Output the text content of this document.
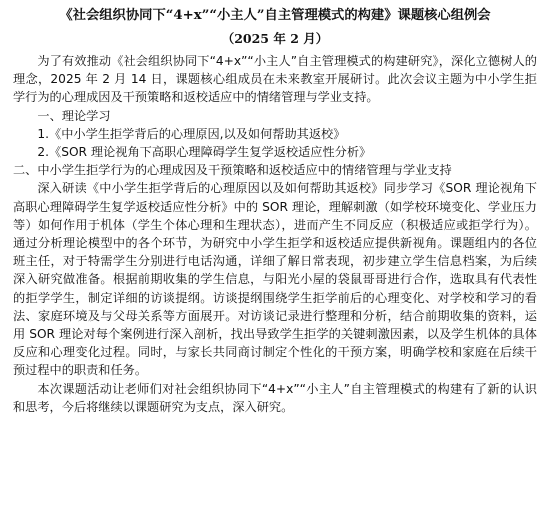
《社会组织协同下“4+x”“小主人”自主管理模式的构建》课题核心组例会
（2025 年 2 月）

为了有效推动《社会组织协同下“4+x”“小主人”自主管理模式的构建研究》，深化立德树人的理念，2025 年 2 月 14 日，课题核心组成员在未来教室开展研讨。此次会议主题为中小学生拒学行为的心理成因及干预策略和返校适应中的情绪管理与学业支持。

一、理论学习

1.《中小学生拒学背后的心理原因,以及如何帮助其返校》

2.《SOR 理论视角下高职心理障碍学生复学返校适应性分析》

二、中小学生拒学行为的心理成因及干预策略和返校适应中的情绪管理与学业支持

深入研读《中小学生拒学背后的心理原因以及如何帮助其返校》同步学习《SOR 理论视角下高职心理障碍学生复学返校适应性分析》中的 SOR 理论，理解刺激（如学校环境变化、学业压力等）如何作用于机体（学生个体心理和生理状态），进而产生不同反应（积极适应或拒学行为）。通过分析理论模型中的各个环节，为研究中小学生拒学和返校适应提供新视角。课题组内的各位班主任，对于特需学生分别进行电话沟通，详细了解日常表现，初步建立学生信息档案，为后续深入研究做准备。根据前期收集的学生信息，与阳光小屋的袋鼠哥哥进行合作，选取具有代表性的拒学学生，制定详细的访谈提纲。访谈提纲围绕学生拒学前后的心理变化、对学校和学习的看法、家庭环境及与父母关系等方面展开。对访谈记录进行整理和分析，结合前期收集的资料，运用 SOR 理论对每个案例进行深入剖析，找出导致学生拒学的关键刺激因素，以及学生机体的具体反应和心理变化过程。同时，与家长共同商讨制定个性化的干预方案，明确学校和家庭在后续干预过程中的职责和任务。

本次课题活动让老师们对社会组织协同下“4+x”“小主人”自主管理模式的构建有了新的认识和思考，今后将继续以课题研究为支点，深入研究。
